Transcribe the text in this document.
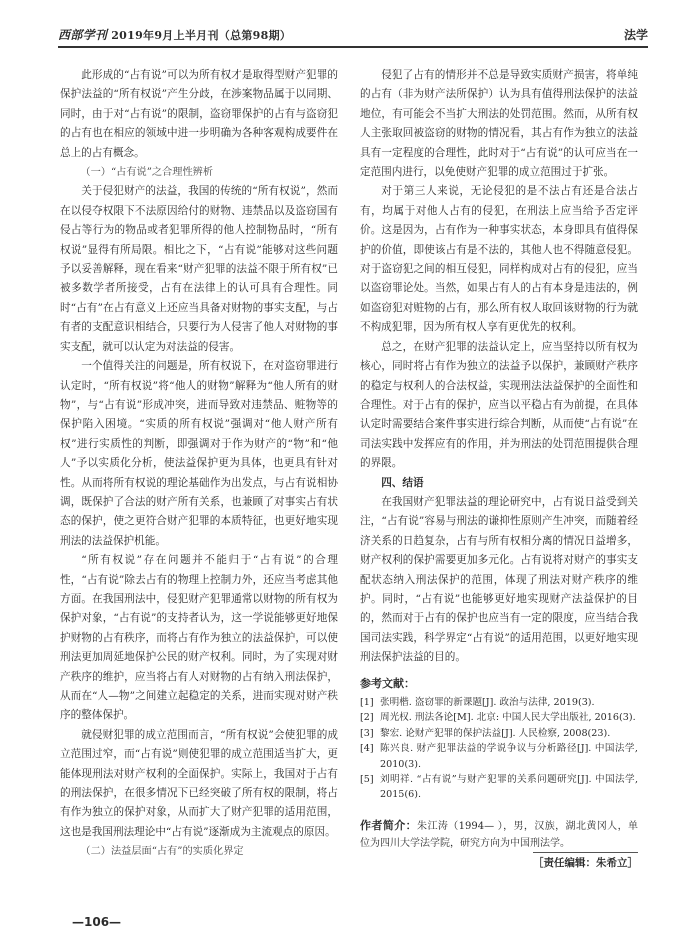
西部学刊 2019年9月上半月刊（总第98期）	法学

此形成的“占有说”可以为所有权才是取得型财产犯罪的保护法益的“所有权说”产生分歧，在涉案物品属于以同期、同时，由于对“占有说”的限制，盗窃罪保护的占有与盗窃犯的占有也在相应的领域中进一步明确为各种客观构成要件在总上的占有概念。

（一）“占有说”之合理性辨析

关于侵犯财产的法益，我国的传统的“所有权说”，然而在以侵夺权限下不法原因给付的财物、违禁品以及盗窃国有侵占等行为的物品或者犯罪所得的他人控制物品时，“所有权说”显得有所局限。相比之下，“占有说”能够对这些问题予以妥善解释，现在看来“财产犯罪的法益不限于所有权”已被多数学者所接受，占有在法律上的认可具有合理性。同时“占有”在占有意义上还应当具备对财物的事实支配，与占有者的支配意识相结合，只要行为人侵害了他人对财物的事实支配，就可以认定为对法益的侵害。

一个值得关注的问题是，所有权说下，在对盗窃罪进行认定时，“所有权说”将“他人的财物”解释为“他人所有的财物”，与“占有说”形成冲突，进而导致对违禁品、赃物等的保护陷入困境。“实质的所有权说”强调对“他人财产所有权”进行实质性的判断，即强调对于作为财产的“物”和“他人”予以实质化分析，使法益保护更为具体，也更具有针对性。从而将所有权说的理论基础作为出发点，与占有说相协调，既保护了合法的财产所有关系，也兼顾了对事实占有状态的保护，使之更符合财产犯罪的本质特征，也更好地实现刑法的法益保护机能。

“所有权说”存在问题并不能归于“占有说”的合理性，“占有说”除去占有的物理上控制力外，还应当考虑其他方面。在我国刑法中，侵犯财产犯罪通常以财物的所有权为保护对象，“占有说”的支持者认为，这一学说能够更好地保护财物的占有秩序，而将占有作为独立的法益保护，可以使刑法更加周延地保护公民的财产权利。同时，为了实现对财产秩序的维护，应当将占有人对财物的占有纳入刑法保护，从而在“人—物”之间建立起稳定的关系，进而实现对财产秩序的整体保护。

就侵财犯罪的成立范围而言，“所有权说”会使犯罪的成立范围过窄，而“占有说”则使犯罪的成立范围适当扩大，更能体现刑法对财产权利的全面保护。实际上，我国对于占有的刑法保护，在很多情况下已经突破了所有权的限制，将占有作为独立的保护对象，从而扩大了财产犯罪的适用范围，这也是我国刑法理论中“占有说”逐渐成为主流观点的原因。

（二）法益层面“占有”的实质化界定

侵犯了占有的情形并不总是导致实质财产损害，将单纯的占有（非为财产法所保护）认为具有值得刑法保护的法益地位，有可能会不当扩大刑法的处罚范围。然而，从所有权人主张取回被盗窃的财物的情况看，其占有作为独立的法益具有一定程度的合理性，此时对于“占有说”的认可应当在一定范围内进行，以免使财产犯罪的成立范围过于扩张。

对于第三人来说，无论侵犯的是不法占有还是合法占有，均属于对他人占有的侵犯，在刑法上应当给予否定评价。这是因为，占有作为一种事实状态，本身即具有值得保护的价值，即使该占有是不法的，其他人也不得随意侵犯。对于盗窃犯之间的相互侵犯，同样构成对占有的侵犯，应当以盗窃罪论处。当然，如果占有人的占有本身是违法的，例如盗窃犯对赃物的占有，那么所有权人取回该财物的行为就不构成犯罪，因为所有权人享有更优先的权利。

总之，在财产犯罪的法益认定上，应当坚持以所有权为核心，同时将占有作为独立的法益予以保护，兼顾财产秩序的稳定与权利人的合法权益，实现刑法法益保护的全面性和合理性。对于占有的保护，应当以平稳占有为前提，在具体认定时需要结合案件事实进行综合判断，从而使“占有说”在司法实践中发挥应有的作用，并为刑法的处罚范围提供合理的界限。

四、结语

在我国财产犯罪法益的理论研究中，占有说日益受到关注，“占有说”容易与刑法的谦抑性原则产生冲突，而随着经济关系的日趋复杂，占有与所有权相分离的情况日益增多，财产权利的保护需要更加多元化。占有说将对财产的事实支配状态纳入刑法保护的范围，体现了刑法对财产秩序的维护。同时，“占有说”也能够更好地实现财产法益保护的目的，然而对于占有的保护也应当有一定的限度，应当结合我国司法实践，科学界定“占有说”的适用范围，以更好地实现刑法保护法益的目的。

参考文献：
[1] 张明楷. 盗窃罪的新课题[J]. 政治与法律, 2019(3).
[2] 周光权. 刑法各论[M]. 北京: 中国人民大学出版社, 2016(3).
[3] 黎宏. 论财产犯罪的保护法益[J]. 人民检察, 2008(23).
[4] 陈兴良. 财产犯罪法益的学说争议与分析路径[J]. 中国法学, 2010(3).
[5] 刘明祥. “占有说”与财产犯罪的关系问题研究[J]. 中国法学, 2015(6).
作者简介：朱江涛（1994— ），男，汉族，湖北黄冈人，单位为四川大学法学院，研究方向为中国刑法学。
［责任编辑：朱希立］
—106—
